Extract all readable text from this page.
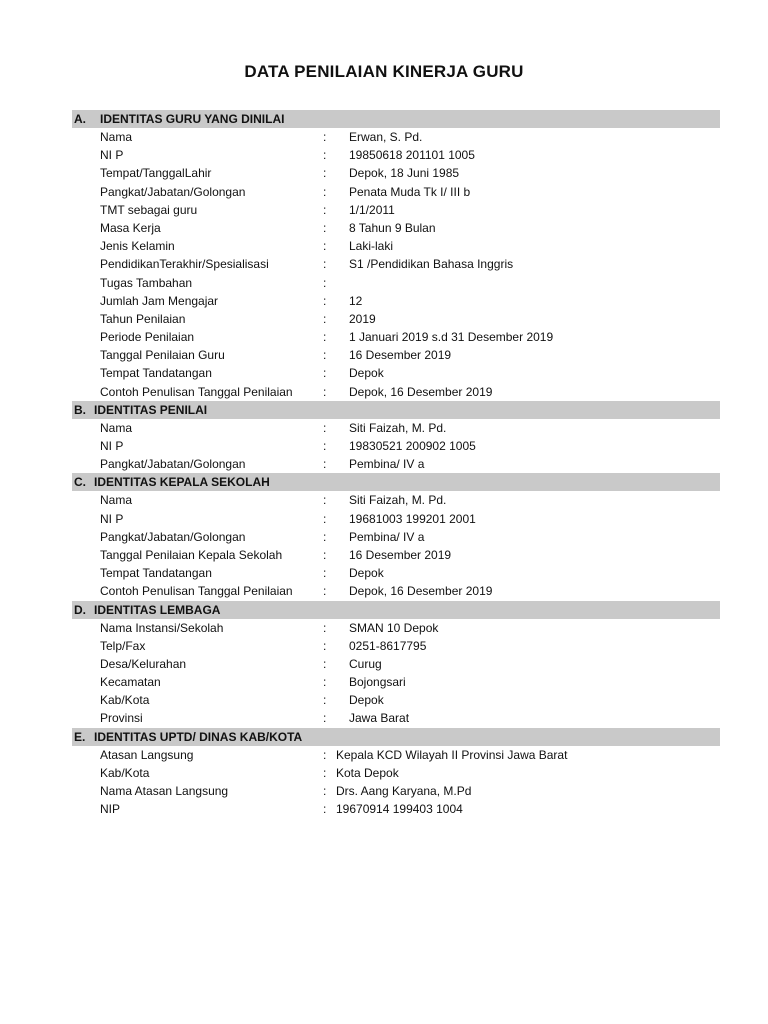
DATA PENILAIAN KINERJA GURU
A. IDENTITAS GURU YANG DINILAI
Nama	: Erwan, S. Pd.
NI P	: 19850618 201101 1005
Tempat/TanggalLahir	: Depok, 18 Juni 1985
Pangkat/Jabatan/Golongan	: Penata Muda Tk I/ III b
TMT sebagai guru	: 1/1/2011
Masa Kerja	: 8 Tahun 9 Bulan
Jenis Kelamin	: Laki-laki
PendidikanTerakhir/Spesialisasi	: S1 /Pendidikan Bahasa Inggris
Tugas Tambahan	:
Jumlah Jam Mengajar	: 12
Tahun Penilaian	: 2019
Periode Penilaian	: 1 Januari 2019 s.d 31 Desember 2019
Tanggal Penilaian Guru	: 16 Desember 2019
Tempat Tandatangan	: Depok
Contoh Penulisan Tanggal Penilaian	: Depok, 16 Desember 2019
B. IDENTITAS PENILAI
Nama	: Siti Faizah, M. Pd.
NI P	: 19830521 200902 1005
Pangkat/Jabatan/Golongan	: Pembina/ IV a
C. IDENTITAS KEPALA SEKOLAH
Nama	: Siti Faizah, M. Pd.
NI P	: 19681003 199201 2001
Pangkat/Jabatan/Golongan	: Pembina/ IV a
Tanggal Penilaian Kepala Sekolah	: 16 Desember 2019
Tempat Tandatangan	: Depok
Contoh Penulisan Tanggal Penilaian	: Depok, 16 Desember 2019
D. IDENTITAS LEMBAGA
Nama Instansi/Sekolah	: SMAN 10 Depok
Telp/Fax	: 0251-8617795
Desa/Kelurahan	: Curug
Kecamatan	: Bojongsari
Kab/Kota	: Depok
Provinsi	: Jawa Barat
E. IDENTITAS UPTD/ DINAS KAB/KOTA
Atasan Langsung	: Kepala KCD Wilayah II Provinsi Jawa Barat
Kab/Kota	: Kota Depok
Nama Atasan Langsung	: Drs. Aang Karyana, M.Pd
NIP	: 19670914 199403 1004
